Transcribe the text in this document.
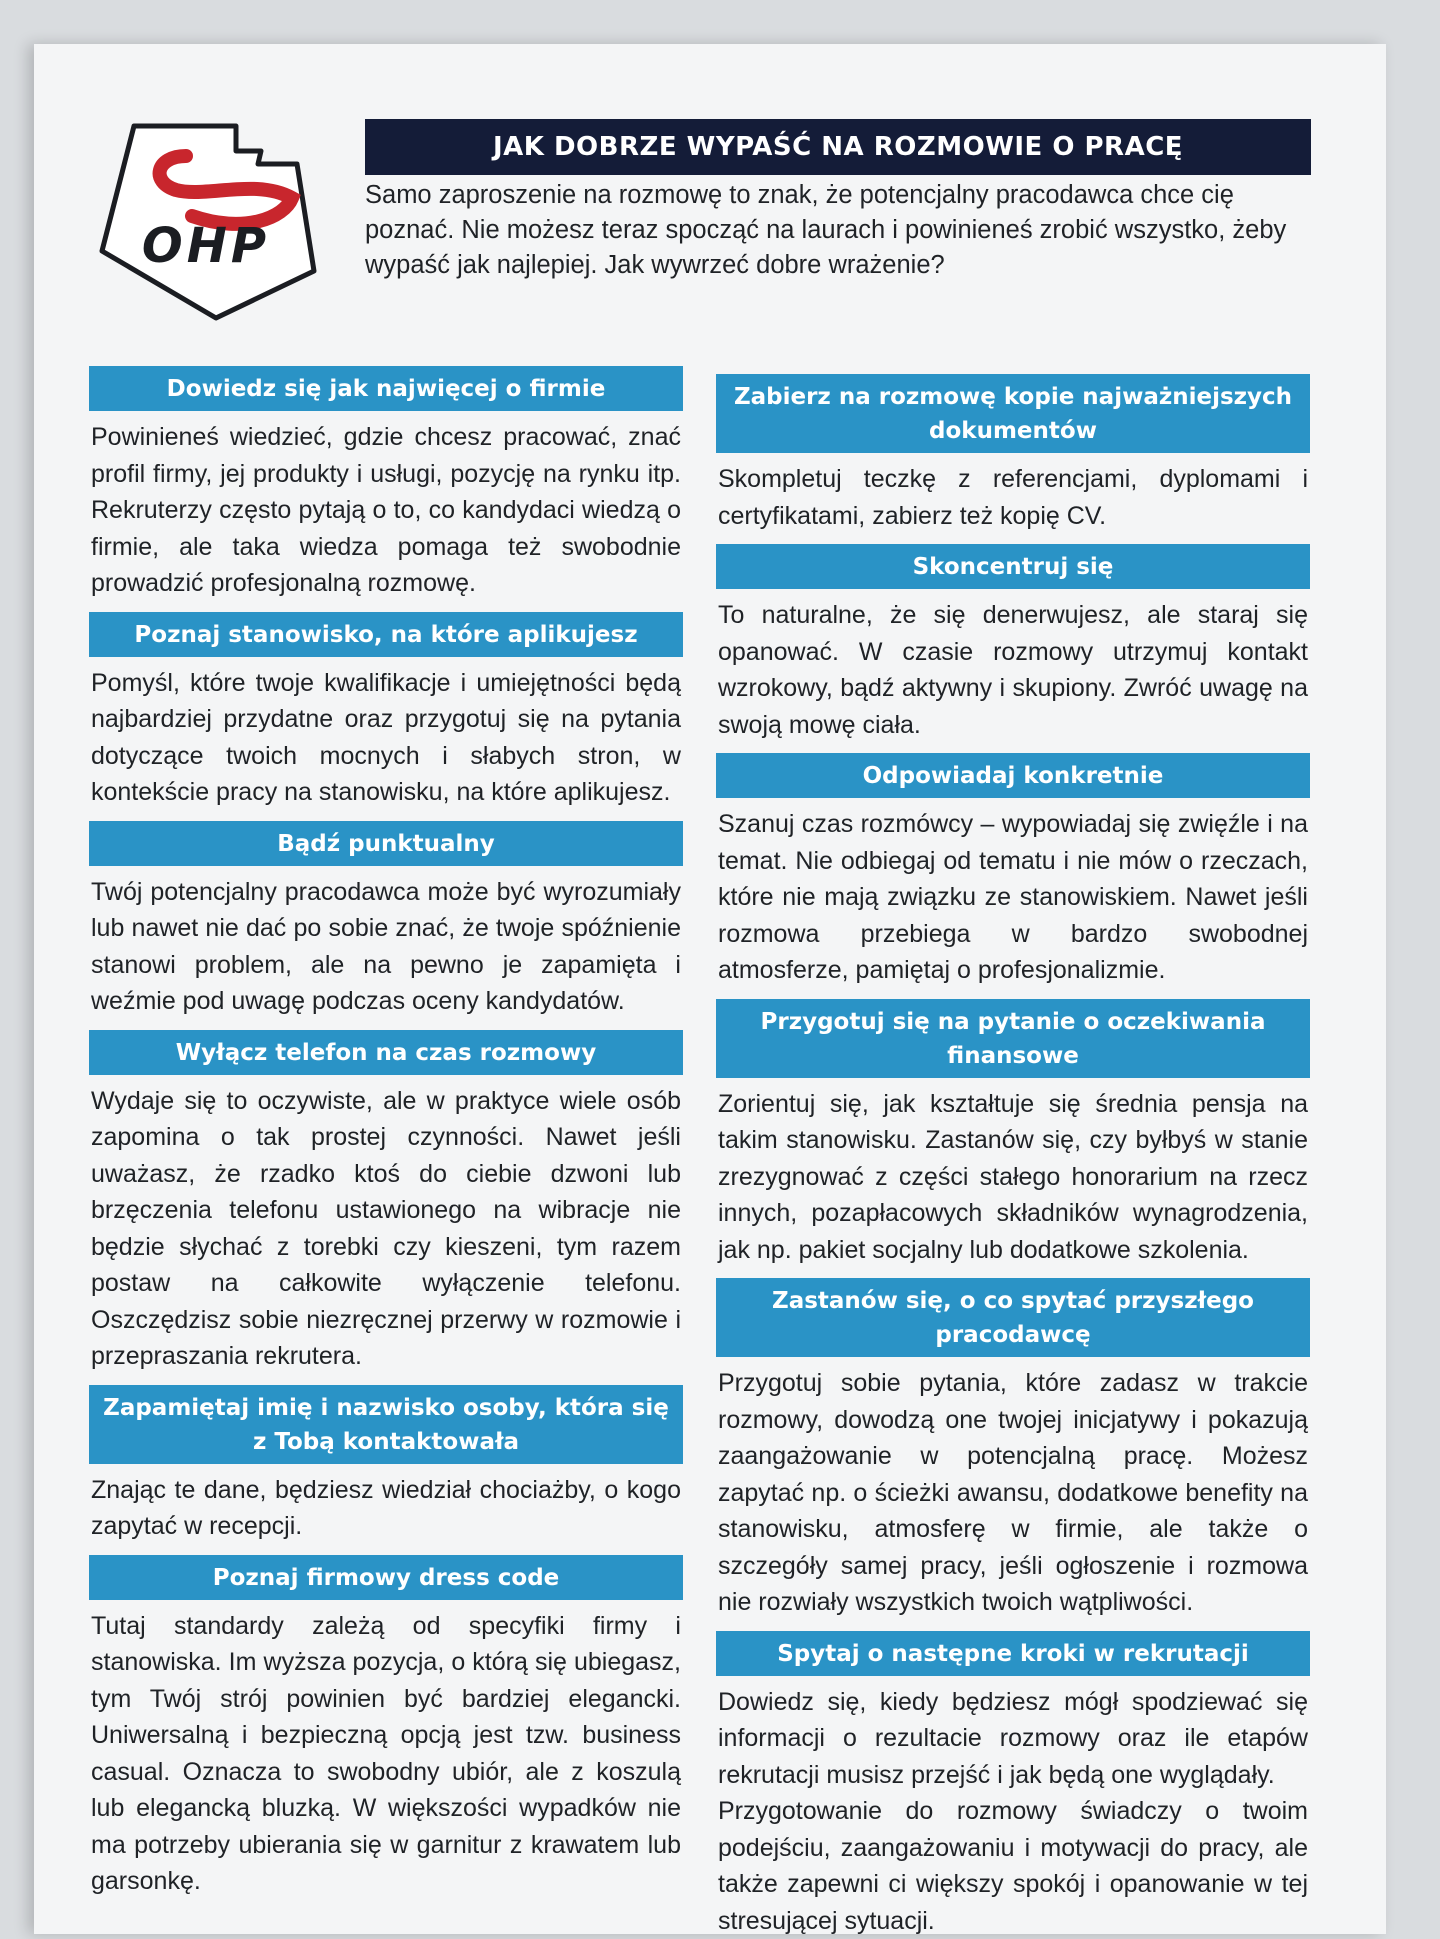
OHP
JAK DOBRZE WYPAŚĆ NA ROZMOWIE O PRACĘ

Samo zaproszenie na rozmowę to znak, że potencjalny pracodawca chce cię poznać. Nie możesz teraz spocząć na laurach i powinieneś zrobić wszystko, żeby wypaść jak najlepiej. Jak wywrzeć dobre wrażenie?

Dowiedz się jak najwięcej o firmie

Powinieneś wiedzieć, gdzie chcesz pracować, znać profil firmy, jej produkty i usługi, pozycję na rynku itp. Rekruterzy często pytają o to, co kandydaci wiedzą o firmie, ale taka wiedza pomaga też swobodnie prowadzić profesjonalną rozmowę.

Poznaj stanowisko, na które aplikujesz

Pomyśl, które twoje kwalifikacje i umiejętności będą najbardziej przydatne oraz przygotuj się na pytania dotyczące twoich mocnych i słabych stron, w kontekście pracy na stanowisku, na które aplikujesz.

Bądź punktualny

Twój potencjalny pracodawca może być wyrozumiały lub nawet nie dać po sobie znać, że twoje spóźnienie stanowi problem, ale na pewno je zapamięta i weźmie pod uwagę podczas oceny kandydatów.

Wyłącz telefon na czas rozmowy

Wydaje się to oczywiste, ale w praktyce wiele osób zapomina o tak prostej czynności. Nawet jeśli uważasz, że rzadko ktoś do ciebie dzwoni lub brzęczenia telefonu ustawionego na wibracje nie będzie słychać z torebki czy kieszeni, tym razem postaw na całkowite wyłączenie telefonu. Oszczędzisz sobie niezręcznej przerwy w rozmowie i przepraszania rekrutera.

Zapamiętaj imię i nazwisko osoby, która się z Tobą kontaktowała

Znając te dane, będziesz wiedział chociażby, o kogo zapytać w recepcji.

Poznaj firmowy dress code

Tutaj standardy zależą od specyfiki firmy i stanowiska. Im wyższa pozycja, o którą się ubiegasz, tym Twój strój powinien być bardziej elegancki. Uniwersalną i bezpieczną opcją jest tzw. business casual. Oznacza to swobodny ubiór, ale z koszulą lub elegancką bluzką. W większości wypadków nie ma potrzeby ubierania się w garnitur z krawatem lub garsonkę.

Zabierz na rozmowę kopie najważniejszych dokumentów

Skompletuj teczkę z referencjami, dyplomami i certyfikatami, zabierz też kopię CV.

Skoncentruj się

To naturalne, że się denerwujesz, ale staraj się opanować. W czasie rozmowy utrzymuj kontakt wzrokowy, bądź aktywny i skupiony. Zwróć uwagę na swoją mowę ciała.

Odpowiadaj konkretnie

Szanuj czas rozmówcy – wypowiadaj się zwięźle i na temat. Nie odbiegaj od tematu i nie mów o rzeczach, które nie mają związku ze stanowiskiem. Nawet jeśli rozmowa przebiega w bardzo swobodnej atmosferze, pamiętaj o profesjonalizmie.

Przygotuj się na pytanie o oczekiwania finansowe

Zorientuj się, jak kształtuje się średnia pensja na takim stanowisku. Zastanów się, czy byłbyś w stanie zrezygnować z części stałego honorarium na rzecz innych, pozapłacowych składników wynagrodzenia, jak np. pakiet socjalny lub dodatkowe szkolenia.

Zastanów się, o co spytać przyszłego pracodawcę

Przygotuj sobie pytania, które zadasz w trakcie rozmowy, dowodzą one twojej inicjatywy i pokazują zaangażowanie w potencjalną pracę. Możesz zapytać np. o ścieżki awansu, dodatkowe benefity na stanowisku, atmosferę w firmie, ale także o szczegóły samej pracy, jeśli ogłoszenie i rozmowa nie rozwiały wszystkich twoich wątpliwości.

Spytaj o następne kroki w rekrutacji

Dowiedz się, kiedy będziesz mógł spodziewać się informacji o rezultacie rozmowy oraz ile etapów rekrutacji musisz przejść i jak będą one wyglądały.

Przygotowanie do rozmowy świadczy o twoim podejściu, zaangażowaniu i motywacji do pracy, ale także zapewni ci większy spokój i opanowanie w tej stresującej sytuacji.
